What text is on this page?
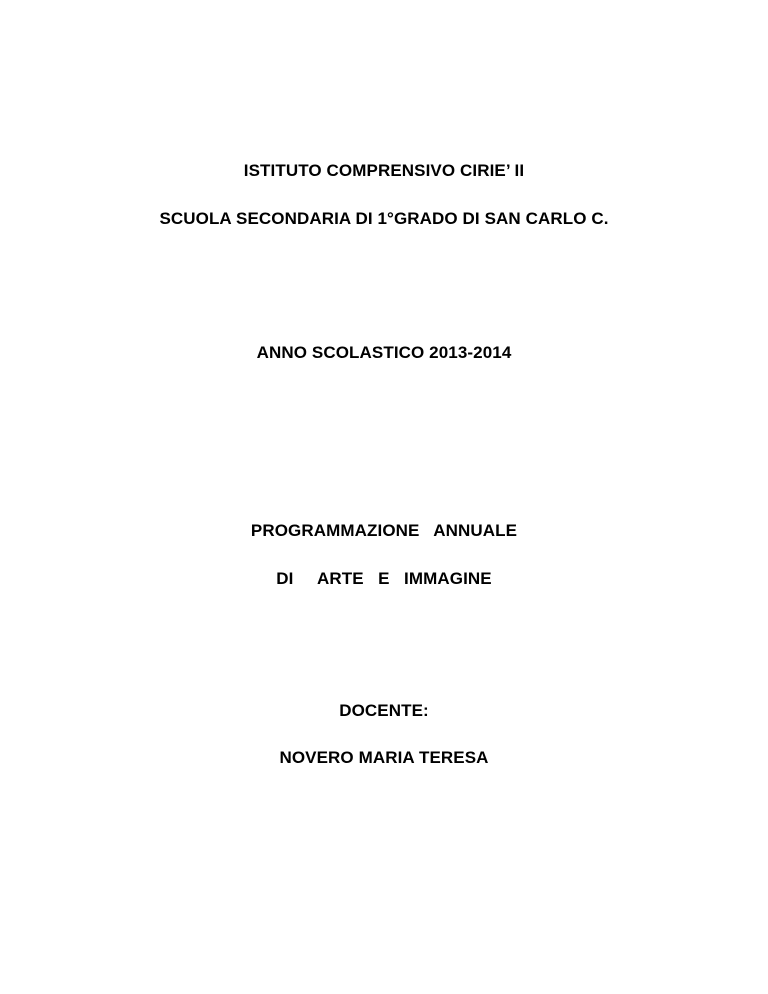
ISTITUTO COMPRENSIVO CIRIE’ II
SCUOLA SECONDARIA DI 1°GRADO DI SAN CARLO C.
ANNO SCOLASTICO 2013-2014
PROGRAMMAZIONE   ANNUALE
DI     ARTE   E   IMMAGINE
DOCENTE:
NOVERO MARIA TERESA
